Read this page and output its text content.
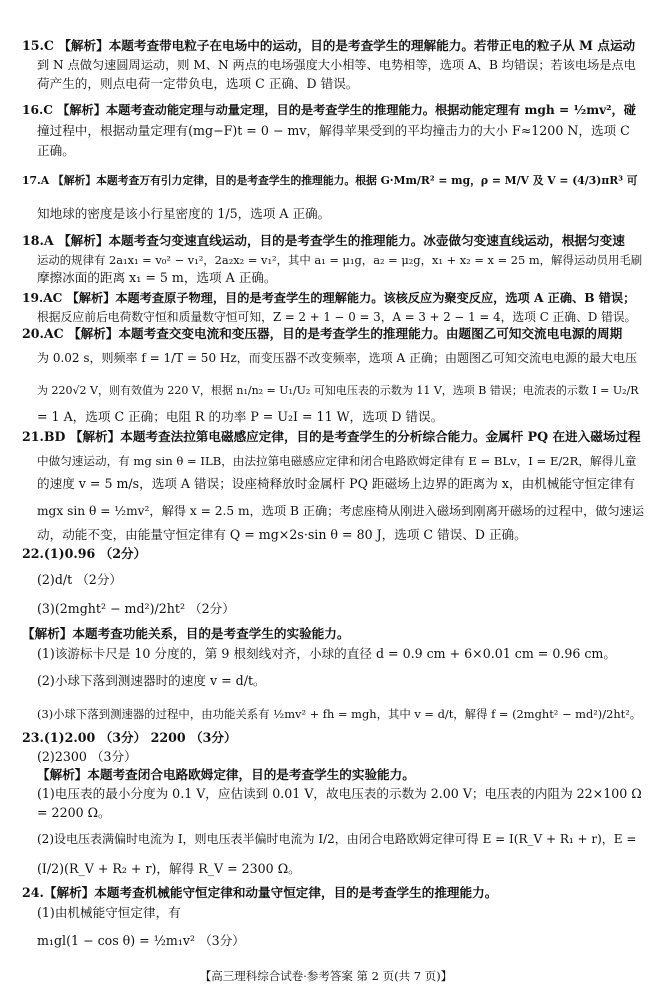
15.C 【解析】本题考查带电粒子在电场中的运动，目的是考查学生的理解能力。若带正电的粒子从 M 点运动
到 N 点做匀速圆周运动，则 M、N 两点的电场强度大小相等、电势相等，选项 A、B 均错误；若该电场是点电
荷产生的，则点电荷一定带负电，选项 C 正确、D 错误。
16.C 【解析】本题考查动能定理与动量定理，目的是考查学生的推理能力。根据动能定理有 mgh = ½mv²，碰
撞过程中，根据动量定理有(mg−F)t = 0 − mv，解得苹果受到的平均撞击力的大小 F≈1200 N，选项 C
正确。
17.A 【解析】本题考查万有引力定律，目的是考查学生的推理能力。根据 G·Mm/R² = mg，ρ = M/V 及 V = (4/3)πR³ 可
知地球的密度是该小行星密度的 1/5，选项 A 正确。
18.A 【解析】本题考查匀变速直线运动，目的是考查学生的推理能力。冰壶做匀变速直线运动，根据匀变速
运动的规律有 2a₁x₁ = v₀² − v₁²，2a₂x₂ = v₁²，其中 a₁ = μ₁g，a₂ = μ₂g，x₁ + x₂ = x = 25 m，解得运动员用毛刷
摩擦冰面的距离 x₁ = 5 m，选项 A 正确。
19.AC 【解析】本题考查原子物理，目的是考查学生的理解能力。该核反应为聚变反应，选项 A 正确、B 错误；
根据反应前后电荷数守恒和质量数守恒可知，Z = 2 + 1 − 0 = 3，A = 3 + 2 − 1 = 4，选项 C 正确、D 错误。
20.AC 【解析】本题考查交变电流和变压器，目的是考查学生的推理能力。由题图乙可知交流电电源的周期
为 0.02 s，则频率 f = 1/T = 50 Hz，而变压器不改变频率，选项 A 正确；由题图乙可知交流电电源的最大电压
为 220√2 V，则有效值为 220 V，根据 n₁/n₂ = U₁/U₂ 可知电压表的示数为 11 V，选项 B 错误；电流表的示数 I = U₂/R
= 1 A，选项 C 正确；电阻 R 的功率 P = U₂I = 11 W，选项 D 错误。
21.BD 【解析】本题考查法拉第电磁感应定律，目的是考查学生的分析综合能力。金属杆 PQ 在进入磁场过程
中做匀速运动，有 mg sin θ = ILB，由法拉第电磁感应定律和闭合电路欧姆定律有 E = BLv，I = E/2R，解得儿童
的速度 v = 5 m/s，选项 A 错误；设座椅释放时金属杆 PQ 距磁场上边界的距离为 x，由机械能守恒定律有
mgx sin θ = ½mv²，解得 x = 2.5 m，选项 B 正确；考虑座椅从刚进入磁场到刚离开磁场的过程中，做匀速运
动，动能不变，由能量守恒定律有 Q = mg×2s·sin θ = 80 J，选项 C 错误、D 正确。
22.(1)0.96 （2分）
(2)d/t （2分）
(3)(2mght² − md²)/2ht² （2分）
【解析】本题考查功能关系，目的是考查学生的实验能力。
(1)该游标卡尺是 10 分度的，第 9 根刻线对齐，小球的直径 d = 0.9 cm + 6×0.01 cm = 0.96 cm。
(2)小球下落到测速器时的速度 v = d/t。
(3)小球下落到测速器的过程中，由功能关系有 ½mv² + fh = mgh，其中 v = d/t，解得 f = (2mght² − md²)/2ht²。
23.(1)2.00 （3分） 2200 （3分）
(2)2300 （3分）
【解析】本题考查闭合电路欧姆定律，目的是考查学生的实验能力。
(1)电压表的最小分度为 0.1 V，应估读到 0.01 V，故电压表的示数为 2.00 V；电压表的内阻为 22×100 Ω
= 2200 Ω。
(2)设电压表满偏时电流为 I，则电压表半偏时电流为 I/2，由闭合电路欧姆定律可得 E = I(R_V + R₁ + r)，E =
(I/2)(R_V + R₂ + r)，解得 R_V = 2300 Ω。
24.【解析】本题考查机械能守恒定律和动量守恒定律，目的是考查学生的推理能力。
(1)由机械能守恒定律，有
m₁gl(1 − cos θ) = ½m₁v² （3分）
【高三理科综合试卷·参考答案 第 2 页(共 7 页)】
